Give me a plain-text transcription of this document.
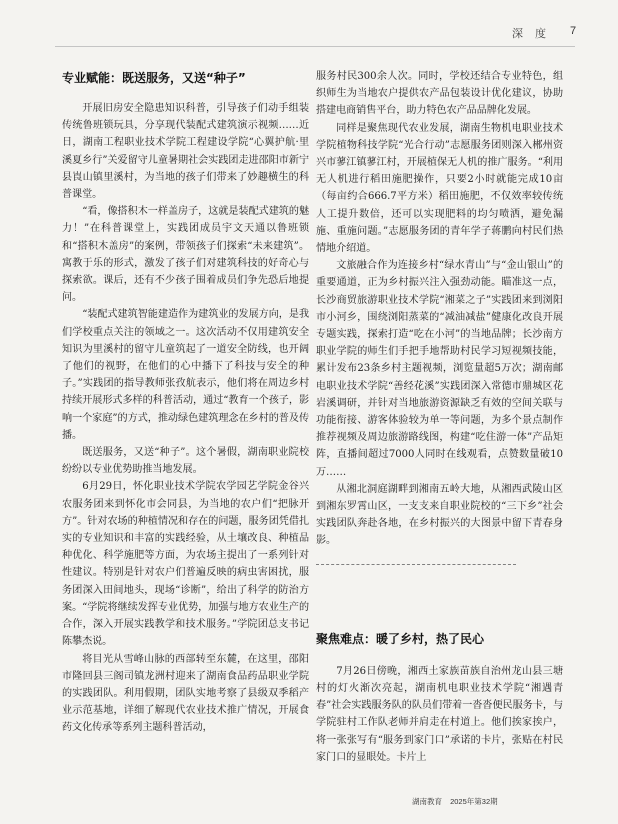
深度 7
专业赋能：既送服务，又送“种子”

开展旧房安全隐患知识科普，引导孩子们动手组装传统鲁班锁玩具，分享现代装配式建筑演示视频……近日，湖南工程职业技术学院工程建设学院“心翼护航·里溪夏乡行”关爱留守儿童暑期社会实践团走进邵阳市新宁县崀山镇里溪村，为当地的孩子们带来了妙趣横生的科普课堂。

“看，像搭积木一样盖房子，这就是装配式建筑的魅力！”在科普课堂上，实践团成员宇文天通以鲁班锁和“搭积木盖房”的案例，带领孩子们探索“未来建筑”。寓教于乐的形式，激发了孩子们对建筑科技的好奇心与探索欲。课后，还有不少孩子围着成员们争先恐后地提问。

“装配式建筑智能建造作为建筑业的发展方向，是我们学校重点关注的领域之一。这次活动不仅用建筑安全知识为里溪村的留守儿童筑起了一道安全防线，也开阔了他们的视野，在他们的心中播下了科技与安全的种子。”实践团的指导教师张孜航表示，他们将在周边乡村持续开展形式多样的科普活动，通过“教育一个孩子，影响一个家庭”的方式，推动绿色建筑理念在乡村的普及传播。

既送服务，又送“种子”。这个暑假，湖南职业院校纷纷以专业优势助推当地发展。

6月29日，怀化职业技术学院农学园艺学院金谷兴农服务团来到怀化市会同县，为当地的农户们“把脉开方”。针对农场的种植情况和存在的问题，服务团凭借扎实的专业知识和丰富的实践经验，从土壤改良、种植品种优化、科学施肥等方面，为农场主提出了一系列针对性建议。特别是针对农户们普遍反映的病虫害困扰，服务团深入田间地头，现场“诊断”，给出了科学的防治方案。“学院将继续发挥专业优势，加强与地方农业生产的合作，深入开展实践教学和技术服务。”学院团总支书记陈攀杰说。

将目光从雪峰山脉的西部转至东麓，在这里，邵阳市隆回县三阁司镇龙洲村迎来了湖南食品药品职业学院的实践团队。利用假期，团队实地考察了县级双季稻产业示范基地，详细了解现代农业技术推广情况，开展食药文化传承等系列主题科普活动，

服务村民300余人次。同时，学校还结合专业特色，组织师生为当地农户提供农产品包装设计优化建议，协助搭建电商销售平台，助力特色农产品品牌化发展。

同样是聚焦现代农业发展，湖南生物机电职业技术学院植物科技学院“光合行动”志愿服务团则深入郴州资兴市蓼江镇蓼江村，开展植保无人机的推广服务。“利用无人机进行稻田施肥操作，只要2小时就能完成10亩（每亩约合666.7平方米）稻田施肥，不仅效率较传统人工提升数倍，还可以实现肥料的均匀喷洒，避免漏施、重施问题。”志愿服务团的青年学子蒋鹏向村民们热情地介绍道。

文旅融合作为连接乡村“绿水青山”与“金山银山”的重要通道，正为乡村振兴注入强劲动能。瞄准这一点，长沙商贸旅游职业技术学院“湘菜之子”实践团来到浏阳市小河乡，围绕浏阳蒸菜的“减油减盐”健康化改良开展专题实践，探索打造“吃在小河”的当地品牌；长沙南方职业学院的师生们手把手地帮助村民学习短视频技能，累计发布23条乡村主题视频，浏览量超5万次；湖南邮电职业技术学院“善经花溪”实践团深入常德市鼎城区花岩溪调研，并针对当地旅游资源缺乏有效的空间关联与功能衔接、游客体验较为单一等问题，为多个景点制作推荐视频及周边旅游路线图，构建“吃住游一体”产品矩阵，直播间超过7000人同时在线观看，点赞数量破10万……

从湘北洞庭湖畔到湘南五岭大地，从湘西武陵山区到湘东罗霄山区，一支支来自职业院校的“三下乡”社会实践团队奔赴各地，在乡村振兴的大图景中留下青春身影。

聚焦难点：暖了乡村，热了民心

7月26日傍晚，湘西土家族苗族自治州龙山县三塘村的灯火渐次亮起，湖南机电职业技术学院“湘遇青春”社会实践服务队的队员们带着一沓沓便民服务卡，与学院驻村工作队老师并肩走在村道上。他们挨家挨户，将一张张写有“服务到家门口”承诺的卡片，张贴在村民家门口的显眼处。卡片上

湖南教育 2025年第32期
